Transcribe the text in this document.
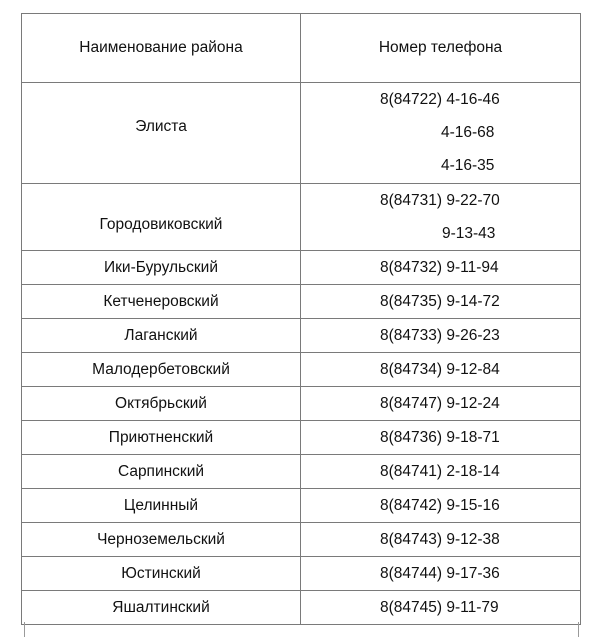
Наименование района	Номер телефона
Элиста	8(84722) 4-16-46
4-16-68
4-16-35

Городовиковский	8(84731) 9-22-70
9-13-43

Ики-Бурульский	8(84732) 9-11-94
Кетченеровский	8(84735) 9-14-72
Лаганский	8(84733) 9-26-23
Малодербетовский	8(84734) 9-12-84
Октябрьский	8(84747) 9-12-24
Приютненский	8(84736) 9-18-71
Сарпинский	8(84741) 2-18-14
Целинный	8(84742) 9-15-16
Черноземельский	8(84743) 9-12-38
Юстинский	8(84744) 9-17-36
Яшалтинский	8(84745) 9-11-79
